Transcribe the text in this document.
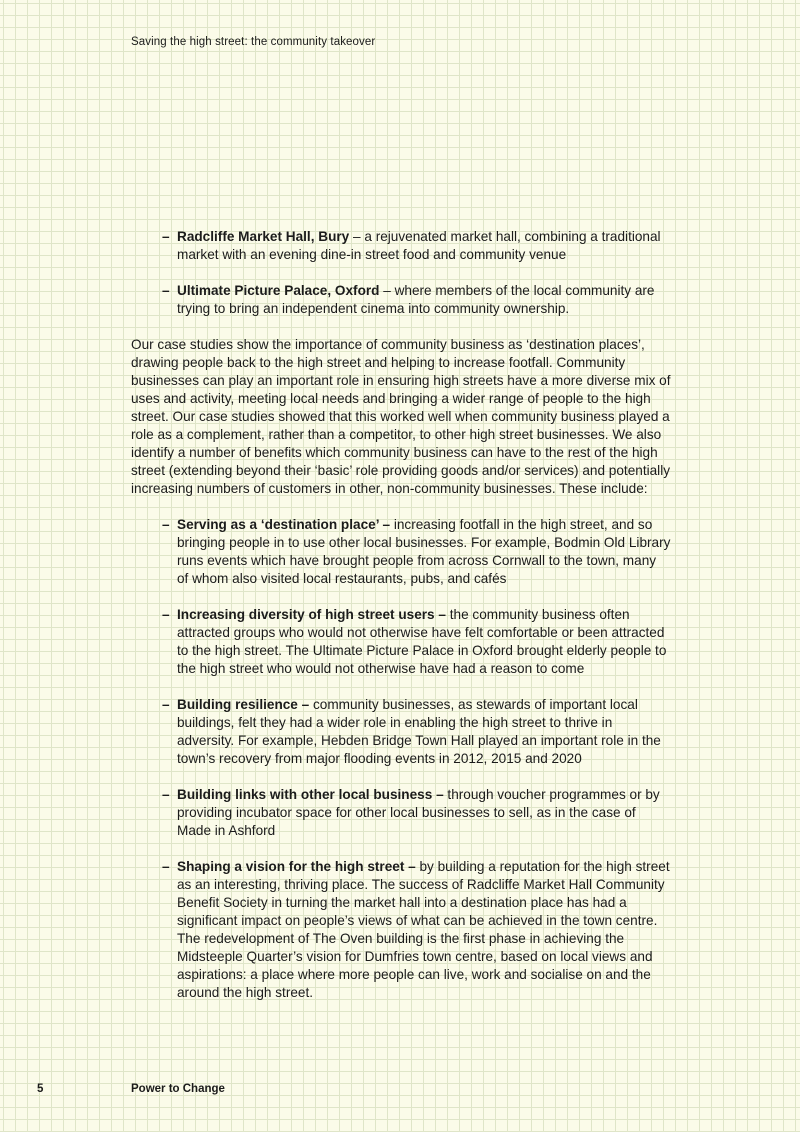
Saving the high street: the community takeover

– Radcliffe Market Hall, Bury – a rejuvenated market hall, combining a traditional market with an evening dine-in street food and community venue
– Ultimate Picture Palace, Oxford – where members of the local community are trying to bring an independent cinema into community ownership.

Our case studies show the importance of community business as ‘destination places’, drawing people back to the high street and helping to increase footfall. Community businesses can play an important role in ensuring high streets have a more diverse mix of uses and activity, meeting local needs and bringing a wider range of people to the high street. Our case studies showed that this worked well when community business played a role as a complement, rather than a competitor, to other high street businesses. We also identify a number of benefits which community business can have to the rest of the high street (extending beyond their ‘basic’ role providing goods and/or services) and potentially increasing numbers of customers in other, non-community businesses. These include:

– Serving as a ‘destination place’ – increasing footfall in the high street, and so bringing people in to use other local businesses. For example, Bodmin Old Library runs events which have brought people from across Cornwall to the town, many of whom also visited local restaurants, pubs, and cafés
– Increasing diversity of high street users – the community business often attracted groups who would not otherwise have felt comfortable or been attracted to the high street. The Ultimate Picture Palace in Oxford brought elderly people to the high street who would not otherwise have had a reason to come
– Building resilience – community businesses, as stewards of important local buildings, felt they had a wider role in enabling the high street to thrive in adversity. For example, Hebden Bridge Town Hall played an important role in the town’s recovery from major flooding events in 2012, 2015 and 2020
– Building links with other local business – through voucher programmes or by providing incubator space for other local businesses to sell, as in the case of Made in Ashford
– Shaping a vision for the high street – by building a reputation for the high street as an interesting, thriving place. The success of Radcliffe Market Hall Community Benefit Society in turning the market hall into a destination place has had a significant impact on people’s views of what can be achieved in the town centre. The redevelopment of The Oven building is the first phase in achieving the Midsteeple Quarter’s vision for Dumfries town centre, based on local views and aspirations: a place where more people can live, work and socialise on and the around the high street.
5	Power to Change
